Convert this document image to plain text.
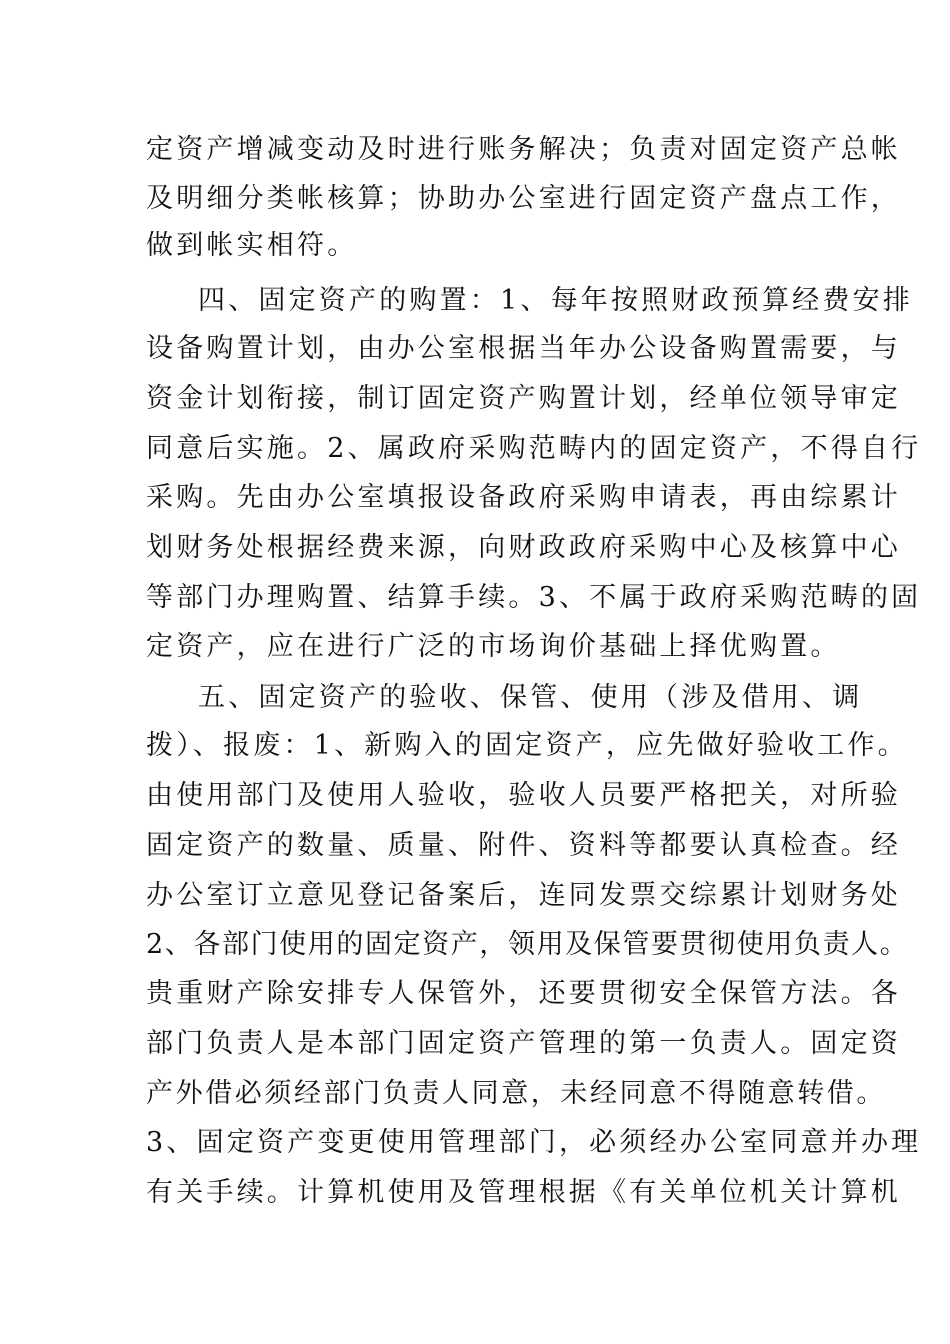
定资产增减变动及时进行账务解决；负责对固定资产总帐
及明细分类帐核算；协助办公室进行固定资产盘点工作，
做到帐实相符。
四、固定资产的购置：1、每年按照财政预算经费安排
设备购置计划，由办公室根据当年办公设备购置需要，与
资金计划衔接，制订固定资产购置计划，经单位领导审定
同意后实施。2、属政府采购范畴内的固定资产，不得自行
采购。先由办公室填报设备政府采购申请表，再由综累计
划财务处根据经费来源，向财政政府采购中心及核算中心
等部门办理购置、结算手续。3、不属于政府采购范畴的固
定资产，应在进行广泛的市场询价基础上择优购置。
五、固定资产的验收、保管、使用（涉及借用、调
拨）、报废：1、新购入的固定资产，应先做好验收工作。
由使用部门及使用人验收，验收人员要严格把关，对所验
固定资产的数量、质量、附件、资料等都要认真检查。经
办公室订立意见登记备案后，连同发票交综累计划财务处
2、各部门使用的固定资产，领用及保管要贯彻使用负责人。
贵重财产除安排专人保管外，还要贯彻安全保管方法。各
部门负责人是本部门固定资产管理的第一负责人。固定资
产外借必须经部门负责人同意，未经同意不得随意转借。
3、固定资产变更使用管理部门，必须经办公室同意并办理
有关手续。计算机使用及管理根据《有关单位机关计算机
